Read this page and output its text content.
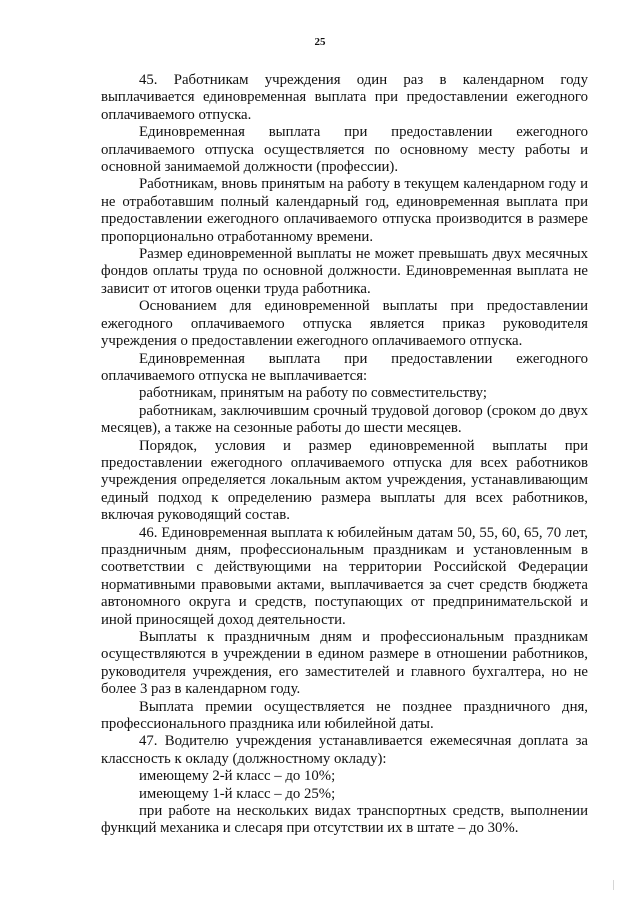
25

45. Работникам учреждения один раз в календарном году выплачивается единовременная выплата при предоставлении ежегодного оплачиваемого отпуска.

Единовременная выплата при предоставлении ежегодного оплачиваемого отпуска осуществляется по основному месту работы и основной занимаемой должности (профессии).

Работникам, вновь принятым на работу в текущем календарном году и не отработавшим полный календарный год, единовременная выплата при предоставлении ежегодного оплачиваемого отпуска производится в размере пропорционально отработанному времени.

Размер единовременной выплаты не может превышать двух месячных фондов оплаты труда по основной должности. Единовременная выплата не зависит от итогов оценки труда работника.

Основанием для единовременной выплаты при предоставлении ежегодного оплачиваемого отпуска является приказ руководителя учреждения о предоставлении ежегодного оплачиваемого отпуска.

Единовременная выплата при предоставлении ежегодного оплачиваемого отпуска не выплачивается:

работникам, принятым на работу по совместительству;

работникам, заключившим срочный трудовой договор (сроком до двух месяцев), а также на сезонные работы до шести месяцев.

Порядок, условия и размер единовременной выплаты при предоставлении ежегодного оплачиваемого отпуска для всех работников учреждения определяется локальным актом учреждения, устанавливающим единый подход к определению размера выплаты для всех работников, включая руководящий состав.

46. Единовременная выплата к юбилейным датам 50, 55, 60, 65, 70 лет, праздничным дням, профессиональным праздникам и установленным в соответствии с действующими на территории Российской Федерации нормативными правовыми актами, выплачивается за счет средств бюджета автономного округа и средств, поступающих от предпринимательской и иной приносящей доход деятельности.

Выплаты к праздничным дням и профессиональным праздникам осуществляются в учреждении в едином размере в отношении работников, руководителя учреждения, его заместителей и главного бухгалтера, но не более 3 раз в календарном году.

Выплата премии осуществляется не позднее праздничного дня, профессионального праздника или юбилейной даты.

47. Водителю учреждения устанавливается ежемесячная доплата за классность к окладу (должностному окладу):

имеющему 2-й класс – до 10%;

имеющему 1-й класс – до 25%;

при работе на нескольких видах транспортных средств, выполнении функций механика и слесаря при отсутствии их в штате – до 30%.
